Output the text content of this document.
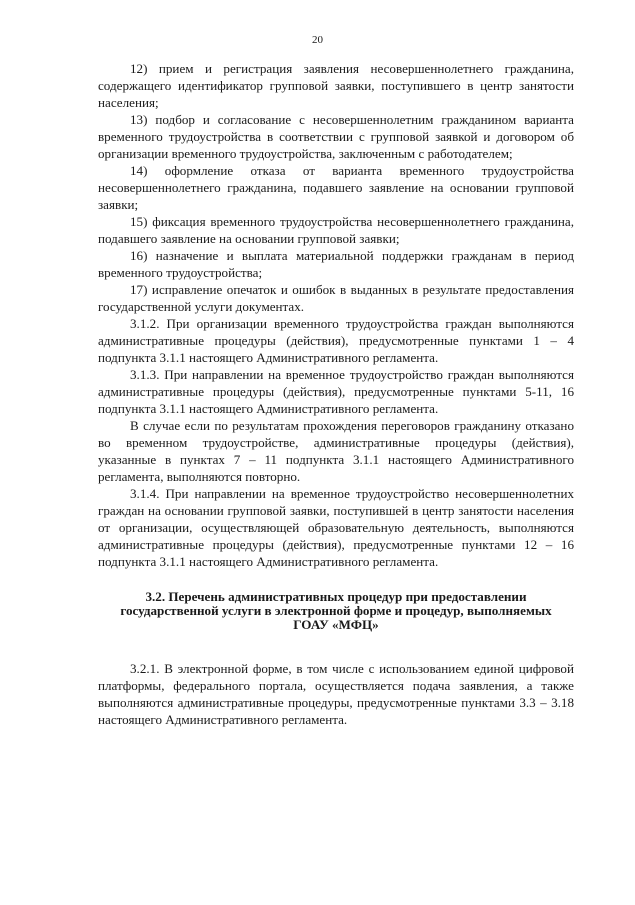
20

12) прием и регистрация заявления несовершеннолетнего гражданина, содержащего идентификатор групповой заявки, поступившего в центр занятости населения;

13) подбор и согласование с несовершеннолетним гражданином варианта временного трудоустройства в соответствии с групповой заявкой и договором об организации временного трудоустройства, заключенным с работодателем;

14) оформление отказа от варианта временного трудоустройства несовершеннолетнего гражданина, подавшего заявление на основании групповой заявки;

15) фиксация временного трудоустройства несовершеннолетнего гражданина, подавшего заявление на основании групповой заявки;

16) назначение и выплата материальной поддержки гражданам в период временного трудоустройства;

17) исправление опечаток и ошибок в выданных в результате предоставления государственной услуги документах.

3.1.2. При организации временного трудоустройства граждан выполняются административные процедуры (действия), предусмотренные пунктами 1 – 4 подпункта 3.1.1 настоящего Административного регламента.

3.1.3. При направлении на временное трудоустройство граждан выполняются административные процедуры (действия), предусмотренные пунктами 5-11, 16 подпункта 3.1.1 настоящего Административного регламента.

В случае если по результатам прохождения переговоров гражданину отказано во временном трудоустройстве, административные процедуры (действия), указанные в пунктах 7 – 11 подпункта 3.1.1 настоящего Административного регламента, выполняются повторно.

3.1.4. При направлении на временное трудоустройство несовершеннолетних граждан на основании групповой заявки, поступившей в центр занятости населения от организации, осуществляющей образовательную деятельность, выполняются административные процедуры (действия), предусмотренные пунктами 12 – 16 подпункта 3.1.1 настоящего Административного регламента.

3.2. Перечень административных процедур при предоставлении государственной услуги в электронной форме и процедур, выполняемых ГОАУ «МФЦ»

3.2.1. В электронной форме, в том числе с использованием единой цифровой платформы, федерального портала, осуществляется подача заявления, а также выполняются административные процедуры, предусмотренные пунктами 3.3 – 3.18 настоящего Административного регламента.
